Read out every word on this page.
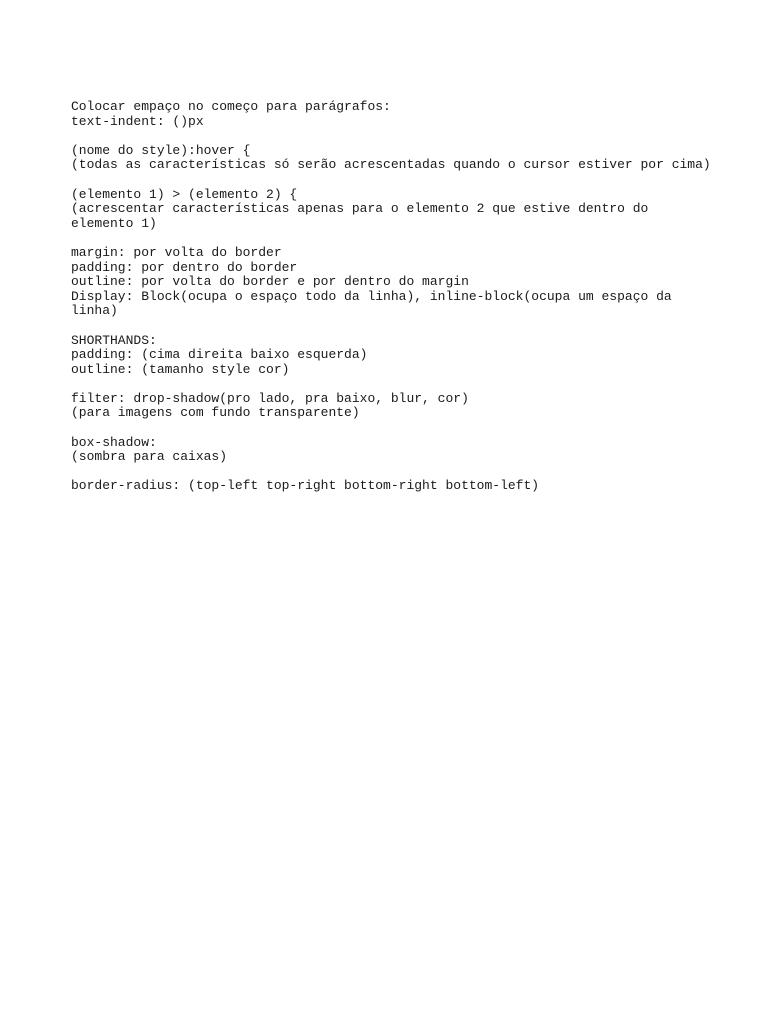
Colocar empaço no começo para parágrafos:
text-indent: ()px

(nome do style):hover {
(todas as características só serão acrescentadas quando o cursor estiver por cima)

(elemento 1) > (elemento 2) {
(acrescentar características apenas para o elemento 2 que estive dentro do elemento 1)

margin: por volta do border
padding: por dentro do border
outline: por volta do border e por dentro do margin
Display: Block(ocupa o espaço todo da linha), inline-block(ocupa um espaço da linha)

SHORTHANDS:
padding: (cima direita baixo esquerda)
outline: (tamanho style cor)

filter: drop-shadow(pro lado, pra baixo, blur, cor)
(para imagens com fundo transparente)

box-shadow:
(sombra para caixas)

border-radius: (top-left top-right bottom-right bottom-left)
